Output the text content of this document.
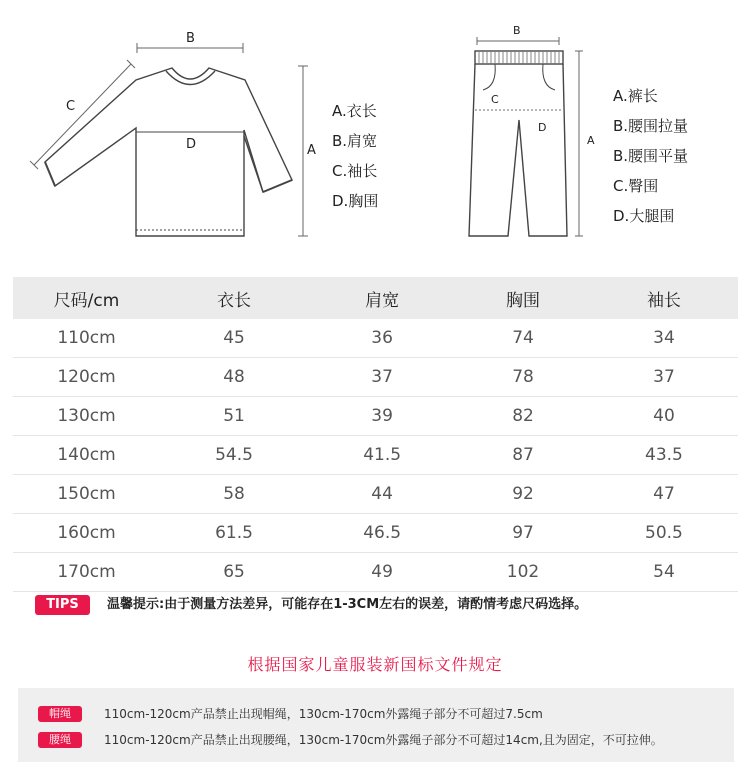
B
C
D	A
A.衣长
B.肩宽
C.袖长
D.胸围
B
C
D
A
A.裤长
B.腰围拉量
B.腰围平量
C.臀围
D.大腿围
尺码/cm	衣长	肩宽	胸围	袖长
110cm	45	36	74	34
120cm	48	37	78	37
130cm	51	39	82	40
140cm	54.5	41.5	87	43.5
150cm	58	44	92	47
160cm	61.5	46.5	97	50.5
170cm	65	49	102	54
TIPS	温馨提示:由于测量方法差异，可能存在1-3CM左右的误差，请酌情考虑尺码选择。
根据国家儿童服装新国标文件规定
帽绳	110cm-120cm产品禁止出现帽绳，130cm-170cm外露绳子部分不可超过7.5cm
腰绳	110cm-120cm产品禁止出现腰绳，130cm-170cm外露绳子部分不可超过14cm,且为固定，不可拉伸。
